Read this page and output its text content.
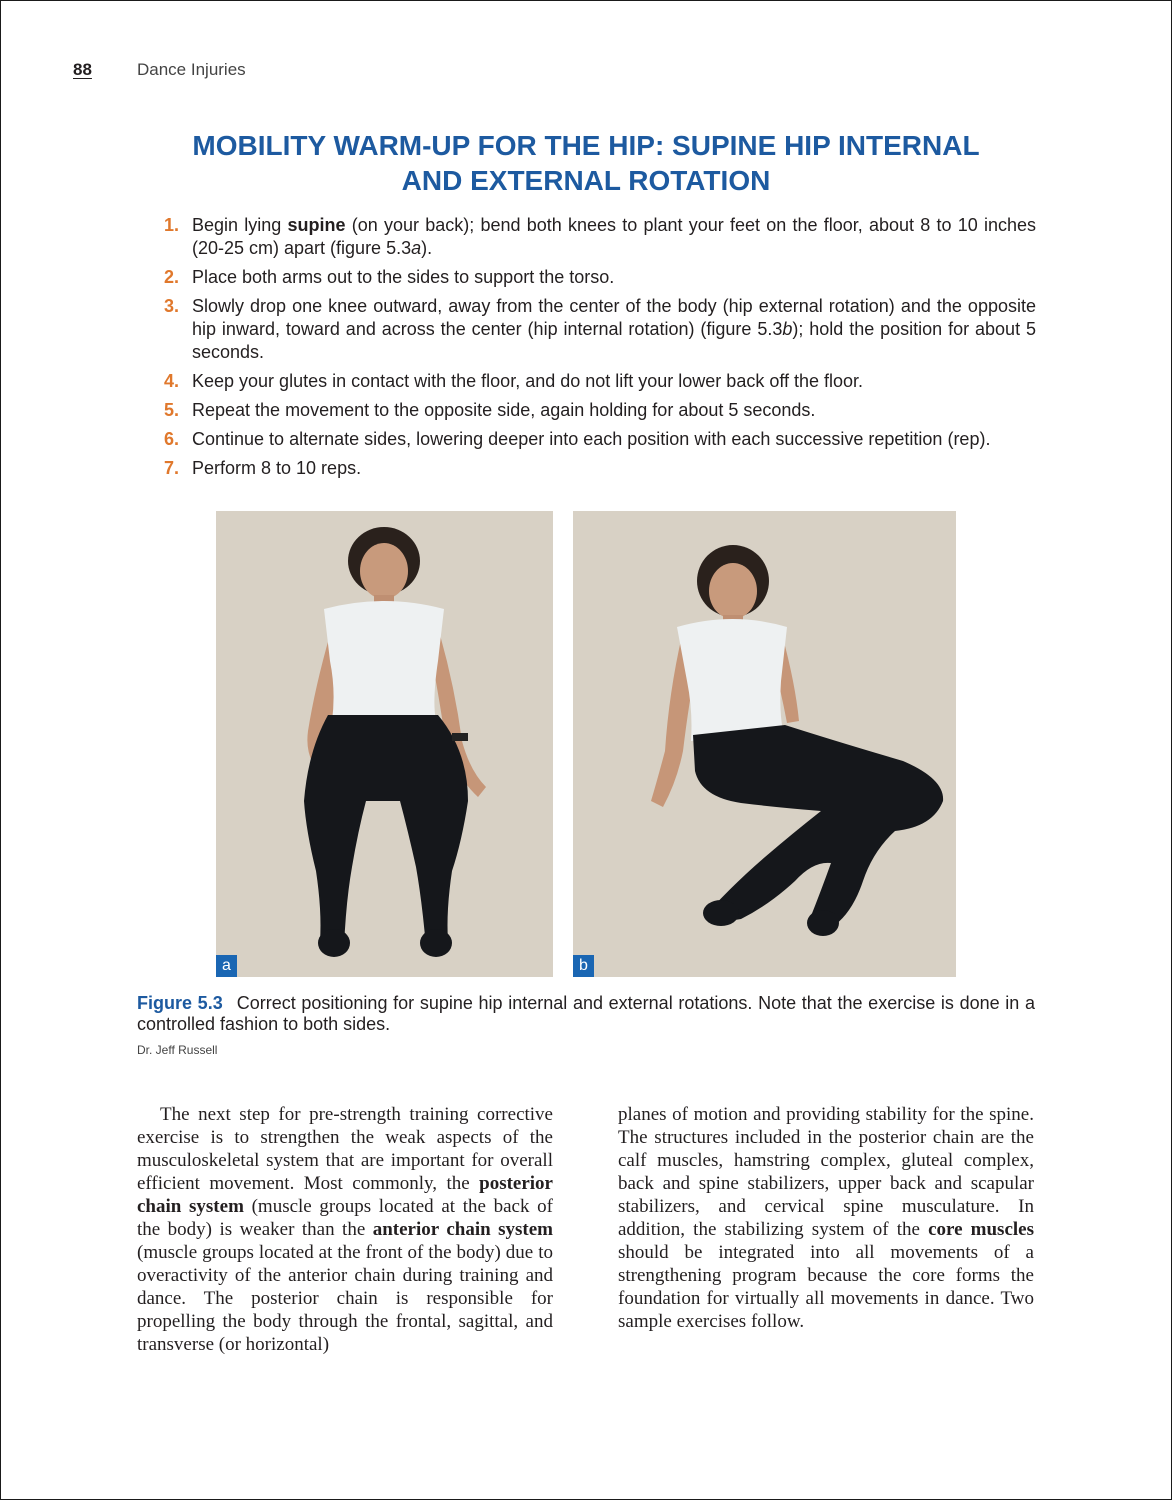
88	Dance Injuries
MOBILITY WARM-UP FOR THE HIP: SUPINE HIP INTERNAL
AND EXTERNAL ROTATION
1. Begin lying supine (on your back); bend both knees to plant your feet on the floor, about 8 to 10 inches (20-25 cm) apart (figure 5.3a).
2. Place both arms out to the sides to support the torso.
3. Slowly drop one knee outward, away from the center of the body (hip external rotation) and the opposite hip inward, toward and across the center (hip internal rotation) (figure 5.3b); hold the position for about 5 seconds.
4. Keep your glutes in contact with the floor, and do not lift your lower back off the floor.
5. Repeat the movement to the opposite side, again holding for about 5 seconds.
6. Continue to alternate sides, lowering deeper into each position with each successive repetition (rep).
7. Perform 8 to 10 reps.
a	b
Figure 5.3 Correct positioning for supine hip internal and external rotations. Note that the exercise is done in a controlled fashion to both sides.
Dr. Jeff Russell

The next step for pre-strength training corrective exercise is to strengthen the weak aspects of the musculoskeletal system that are important for overall efficient movement. Most commonly, the posterior chain system (muscle groups located at the back of the body) is weaker than the anterior chain system (muscle groups located at the front of the body) due to overactivity of the anterior chain during training and dance. The posterior chain is responsible for propelling the body through the frontal, sagittal, and transverse (or horizontal)

planes of motion and providing stability for the spine. The structures included in the posterior chain are the calf muscles, hamstring complex, gluteal complex, back and spine stabilizers, upper back and scapular stabilizers, and cervical spine musculature. In addition, the stabilizing system of the core muscles should be integrated into all movements of a strengthening program because the core forms the foundation for virtually all movements in dance. Two sample exercises follow.
